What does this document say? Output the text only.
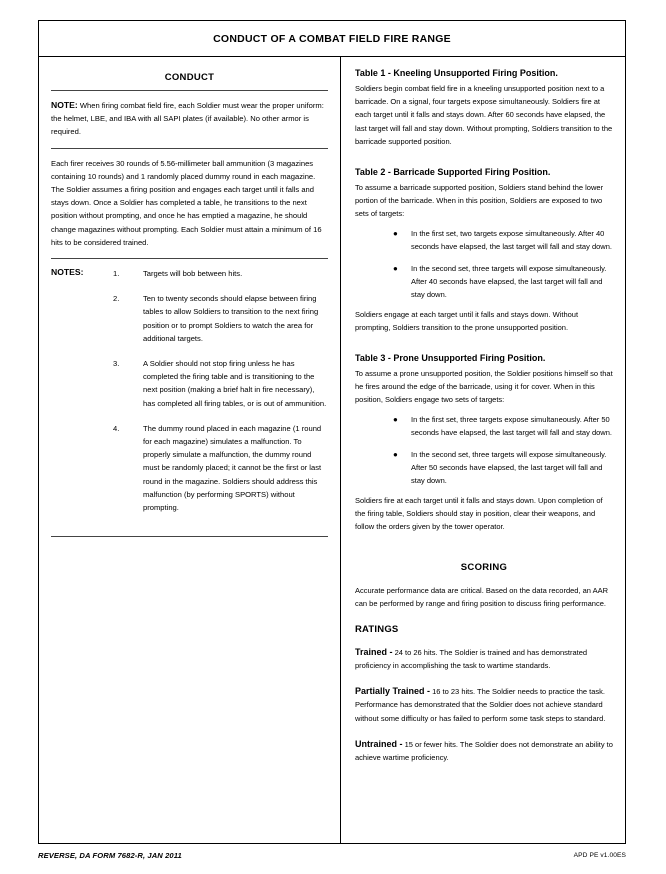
CONDUCT OF A COMBAT FIELD FIRE RANGE
CONDUCT

NOTE: When firing combat field fire, each Soldier must wear the proper uniform: the helmet, LBE, and IBA with all SAPI plates (if available). No other armor is required.

Each firer receives 30 rounds of 5.56-millimeter ball ammunition (3 magazines containing 10 rounds) and 1 randomly placed dummy round in each magazine. The Soldier assumes a firing position and engages each target until it falls and stays down. Once a Soldier has completed a table, he transitions to the next position without prompting, and once he has emptied a magazine, he should change magazines without prompting. Each Soldier must attain a minimum of 16 hits to be considered trained.

NOTES:	1.	Targets will bob between hits.
2.	Ten to twenty seconds should elapse between firing tables to allow Soldiers to transition to the next firing position or to prompt Soldiers to watch the area for additional targets.
3.	A Soldier should not stop firing unless he has completed the firing table and is transitioning to the next position (making a brief halt in fire necessary), has completed all firing tables, or is out of ammunition.
4.	The dummy round placed in each magazine (1 round for each magazine) simulates a malfunction. To properly simulate a malfunction, the dummy round must be randomly placed; it cannot be the first or last round in the magazine. Soldiers should address this malfunction (by performing SPORTS) without prompting.
Table 1 - Kneeling Unsupported Firing Position.

Soldiers begin combat field fire in a kneeling unsupported position next to a barricade. On a signal, four targets expose simultaneously. Soldiers fire at each target until it falls and stays down. After 60 seconds have elapsed, the last target will fall and stay down. Without prompting, Soldiers transition to the barricade supported position.

Table 2 - Barricade Supported Firing Position.

To assume a barricade supported position, Soldiers stand behind the lower portion of the barricade. When in this position, Soldiers are exposed to two sets of targets:

● In the first set, two targets expose simultaneously. After 40 seconds have elapsed, the last target will fall and stay down.
● In the second set, three targets will expose simultaneously. After 40 seconds have elapsed, the last target will fall and stay down.

Soldiers engage at each target until it falls and stays down. Without prompting, Soldiers transition to the prone unsupported position.

Table 3 - Prone Unsupported Firing Position.

To assume a prone unsupported position, the Soldier positions himself so that he fires around the edge of the barricade, using it for cover. When in this position, Soldiers engage two sets of targets:

● In the first set, three targets expose simultaneously. After 50 seconds have elapsed, the last target will fall and stay down.
● In the second set, three targets will expose simultaneously. After 50 seconds have elapsed, the last target will fall and stay down.

Soldiers fire at each target until it falls and stays down. Upon completion of the firing table, Soldiers should stay in position, clear their weapons, and follow the orders given by the tower operator.

SCORING

Accurate performance data are critical. Based on the data recorded, an AAR can be performed by range and firing position to discuss firing performance.

RATINGS

Trained - 24 to 26 hits. The Soldier is trained and has demonstrated proficiency in accomplishing the task to wartime standards.

Partially Trained - 16 to 23 hits. The Soldier needs to practice the task. Performance has demonstrated that the Soldier does not achieve standard without some difficulty or has failed to perform some task steps to standard.

Untrained - 15 or fewer hits. The Soldier does not demonstrate an ability to achieve wartime proficiency.

REVERSE, DA FORM 7682-R, JAN 2011	APD PE v1.00ES
